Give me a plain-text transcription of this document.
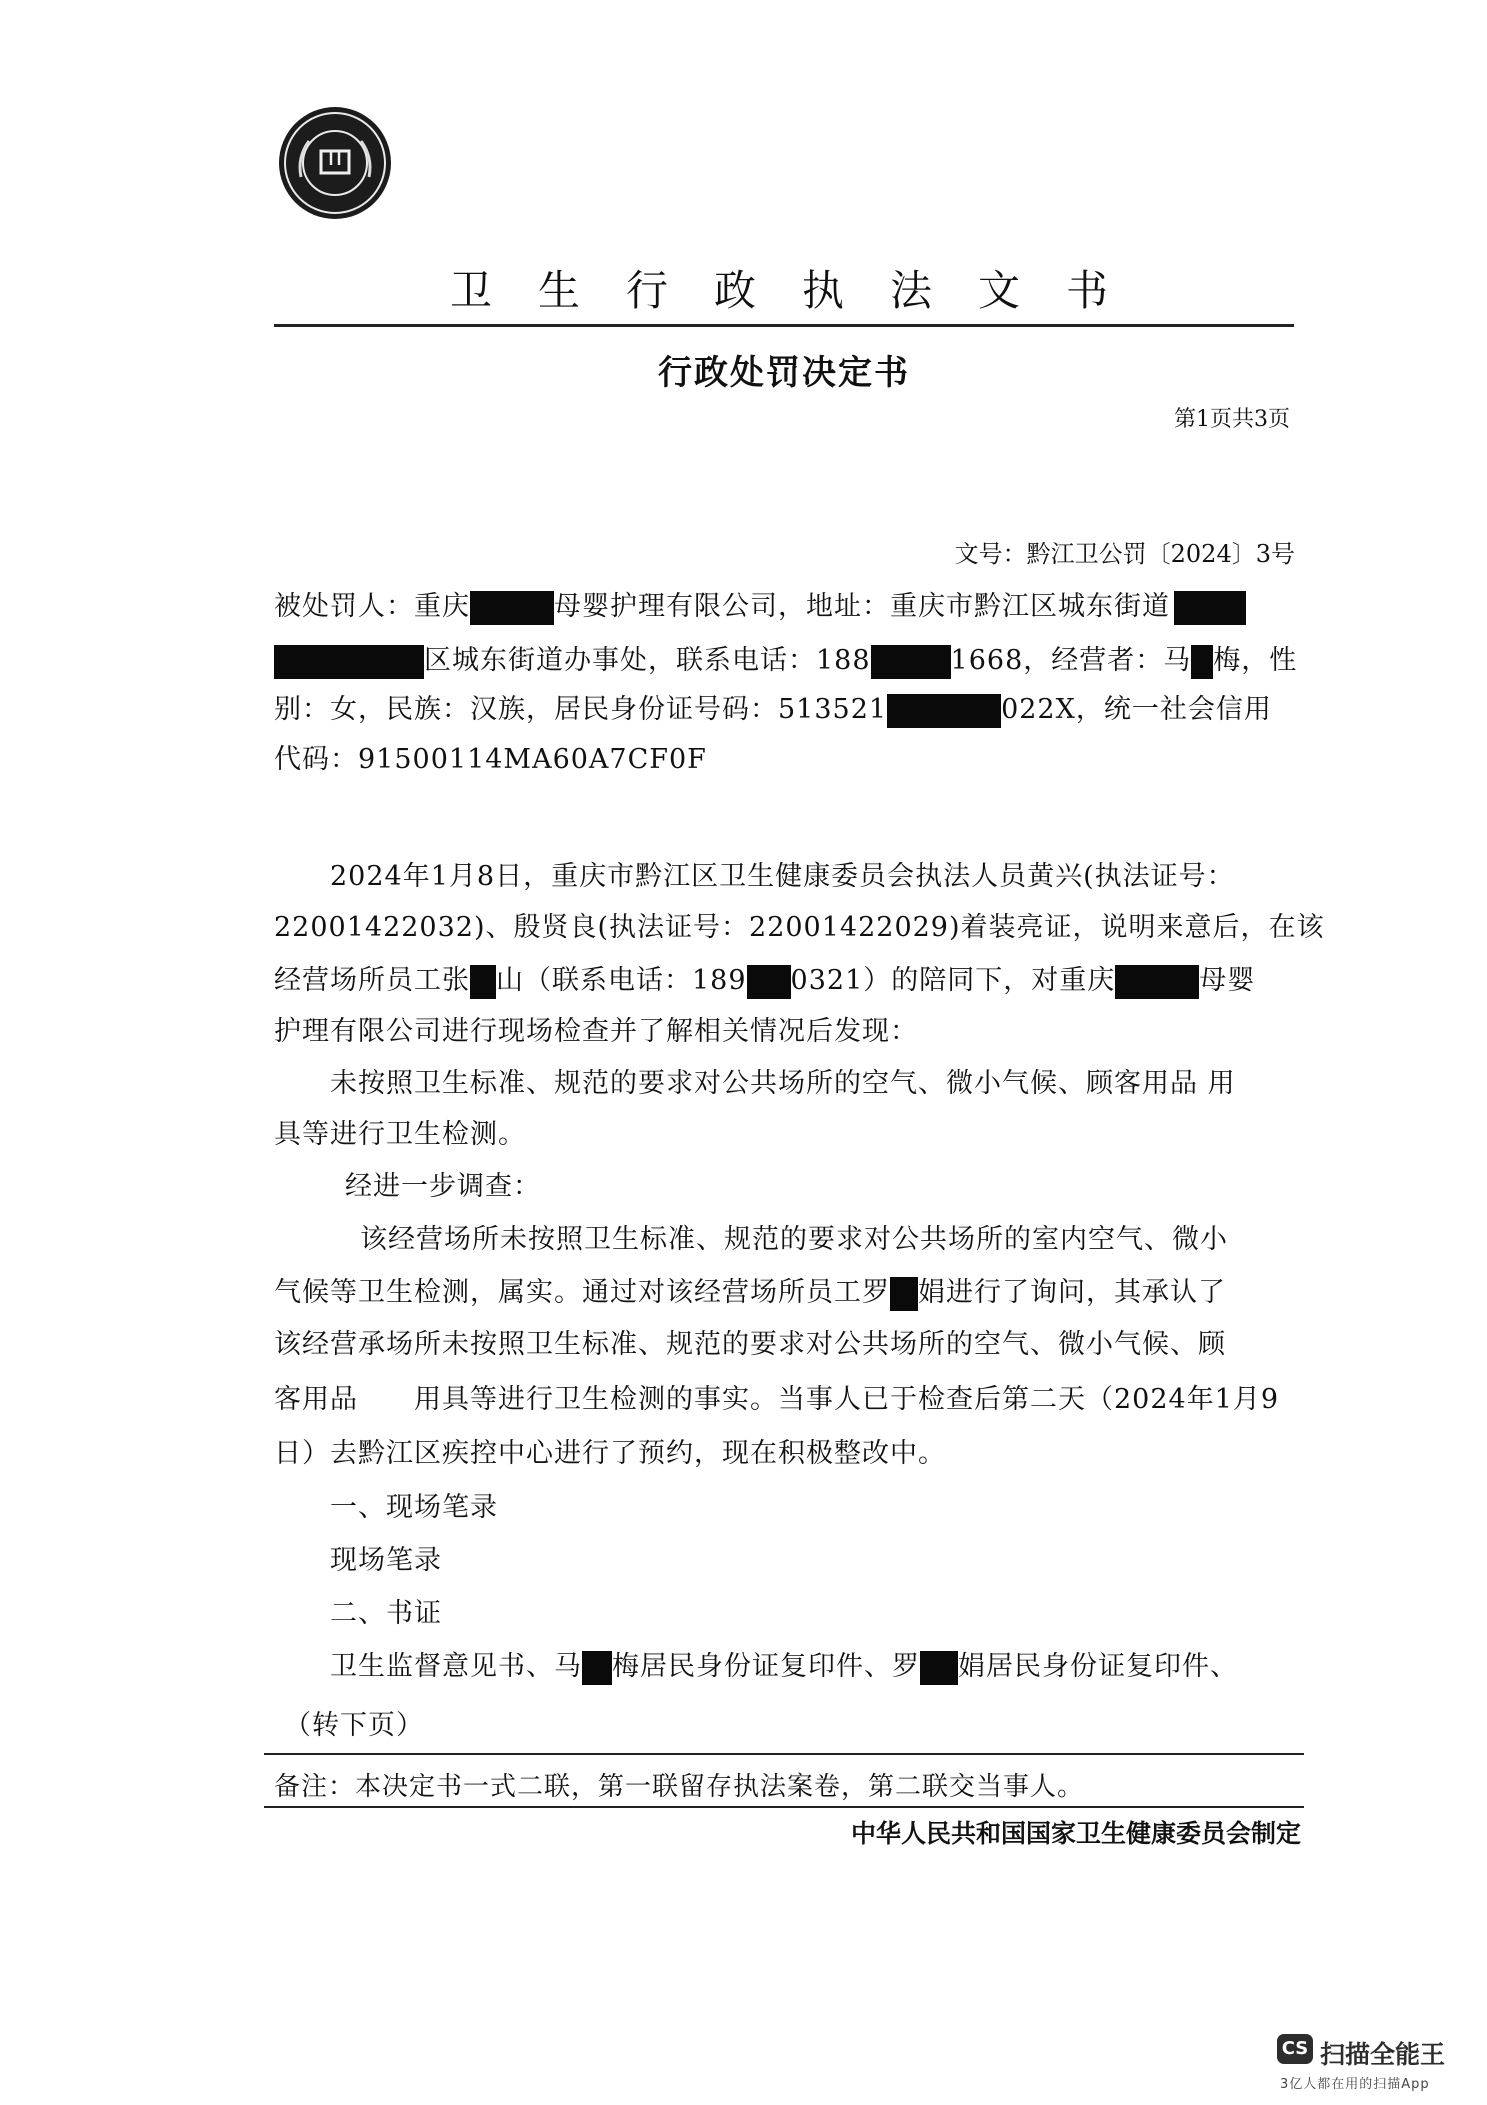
卫生行政执法文书
行政处罚决定书
第1页共3页
文号：黔江卫公罚〔2024〕3号
被处罚人：重庆	母婴护理有限公司，地址：重庆市黔江区城东街道
区城东街道办事处，联系电话：188	1668，经营者：马 梅，性
别：女，民族：汉族，居民身份证号码：513521	022X，统一社会信用
代码：91500114MA60A7CF0F
2024年1月8日，重庆市黔江区卫生健康委员会执法人员黄兴(执法证号：
22001422032)、殷贤良(执法证号：22001422029)着装亮证，说明来意后，在该
经营场所员工张 山（联系电话：189 0321）的陪同下，对重庆	母婴
护理有限公司进行现场检查并了解相关情况后发现：
未按照卫生标准、规范的要求对公共场所的空气、微小气候、顾客用品 用
具等进行卫生检测。
经进一步调查：
该经营场所未按照卫生标准、规范的要求对公共场所的室内空气、微小
气候等卫生检测，属实。通过对该经营场所员工罗 娟进行了询问，其承认了
该经营承场所未按照卫生标准、规范的要求对公共场所的空气、微小气候、顾
客用品　　用具等进行卫生检测的事实。当事人已于检查后第二天（2024年1月9
日）去黔江区疾控中心进行了预约，现在积极整改中。
一、现场笔录
现场笔录
二、书证
卫生监督意见书、马 梅居民身份证复印件、罗 娟居民身份证复印件、
（转下页）
备注：本决定书一式二联，第一联留存执法案卷，第二联交当事人。
中华人民共和国国家卫生健康委员会制定
CS 扫描全能王
3亿人都在用的扫描App
